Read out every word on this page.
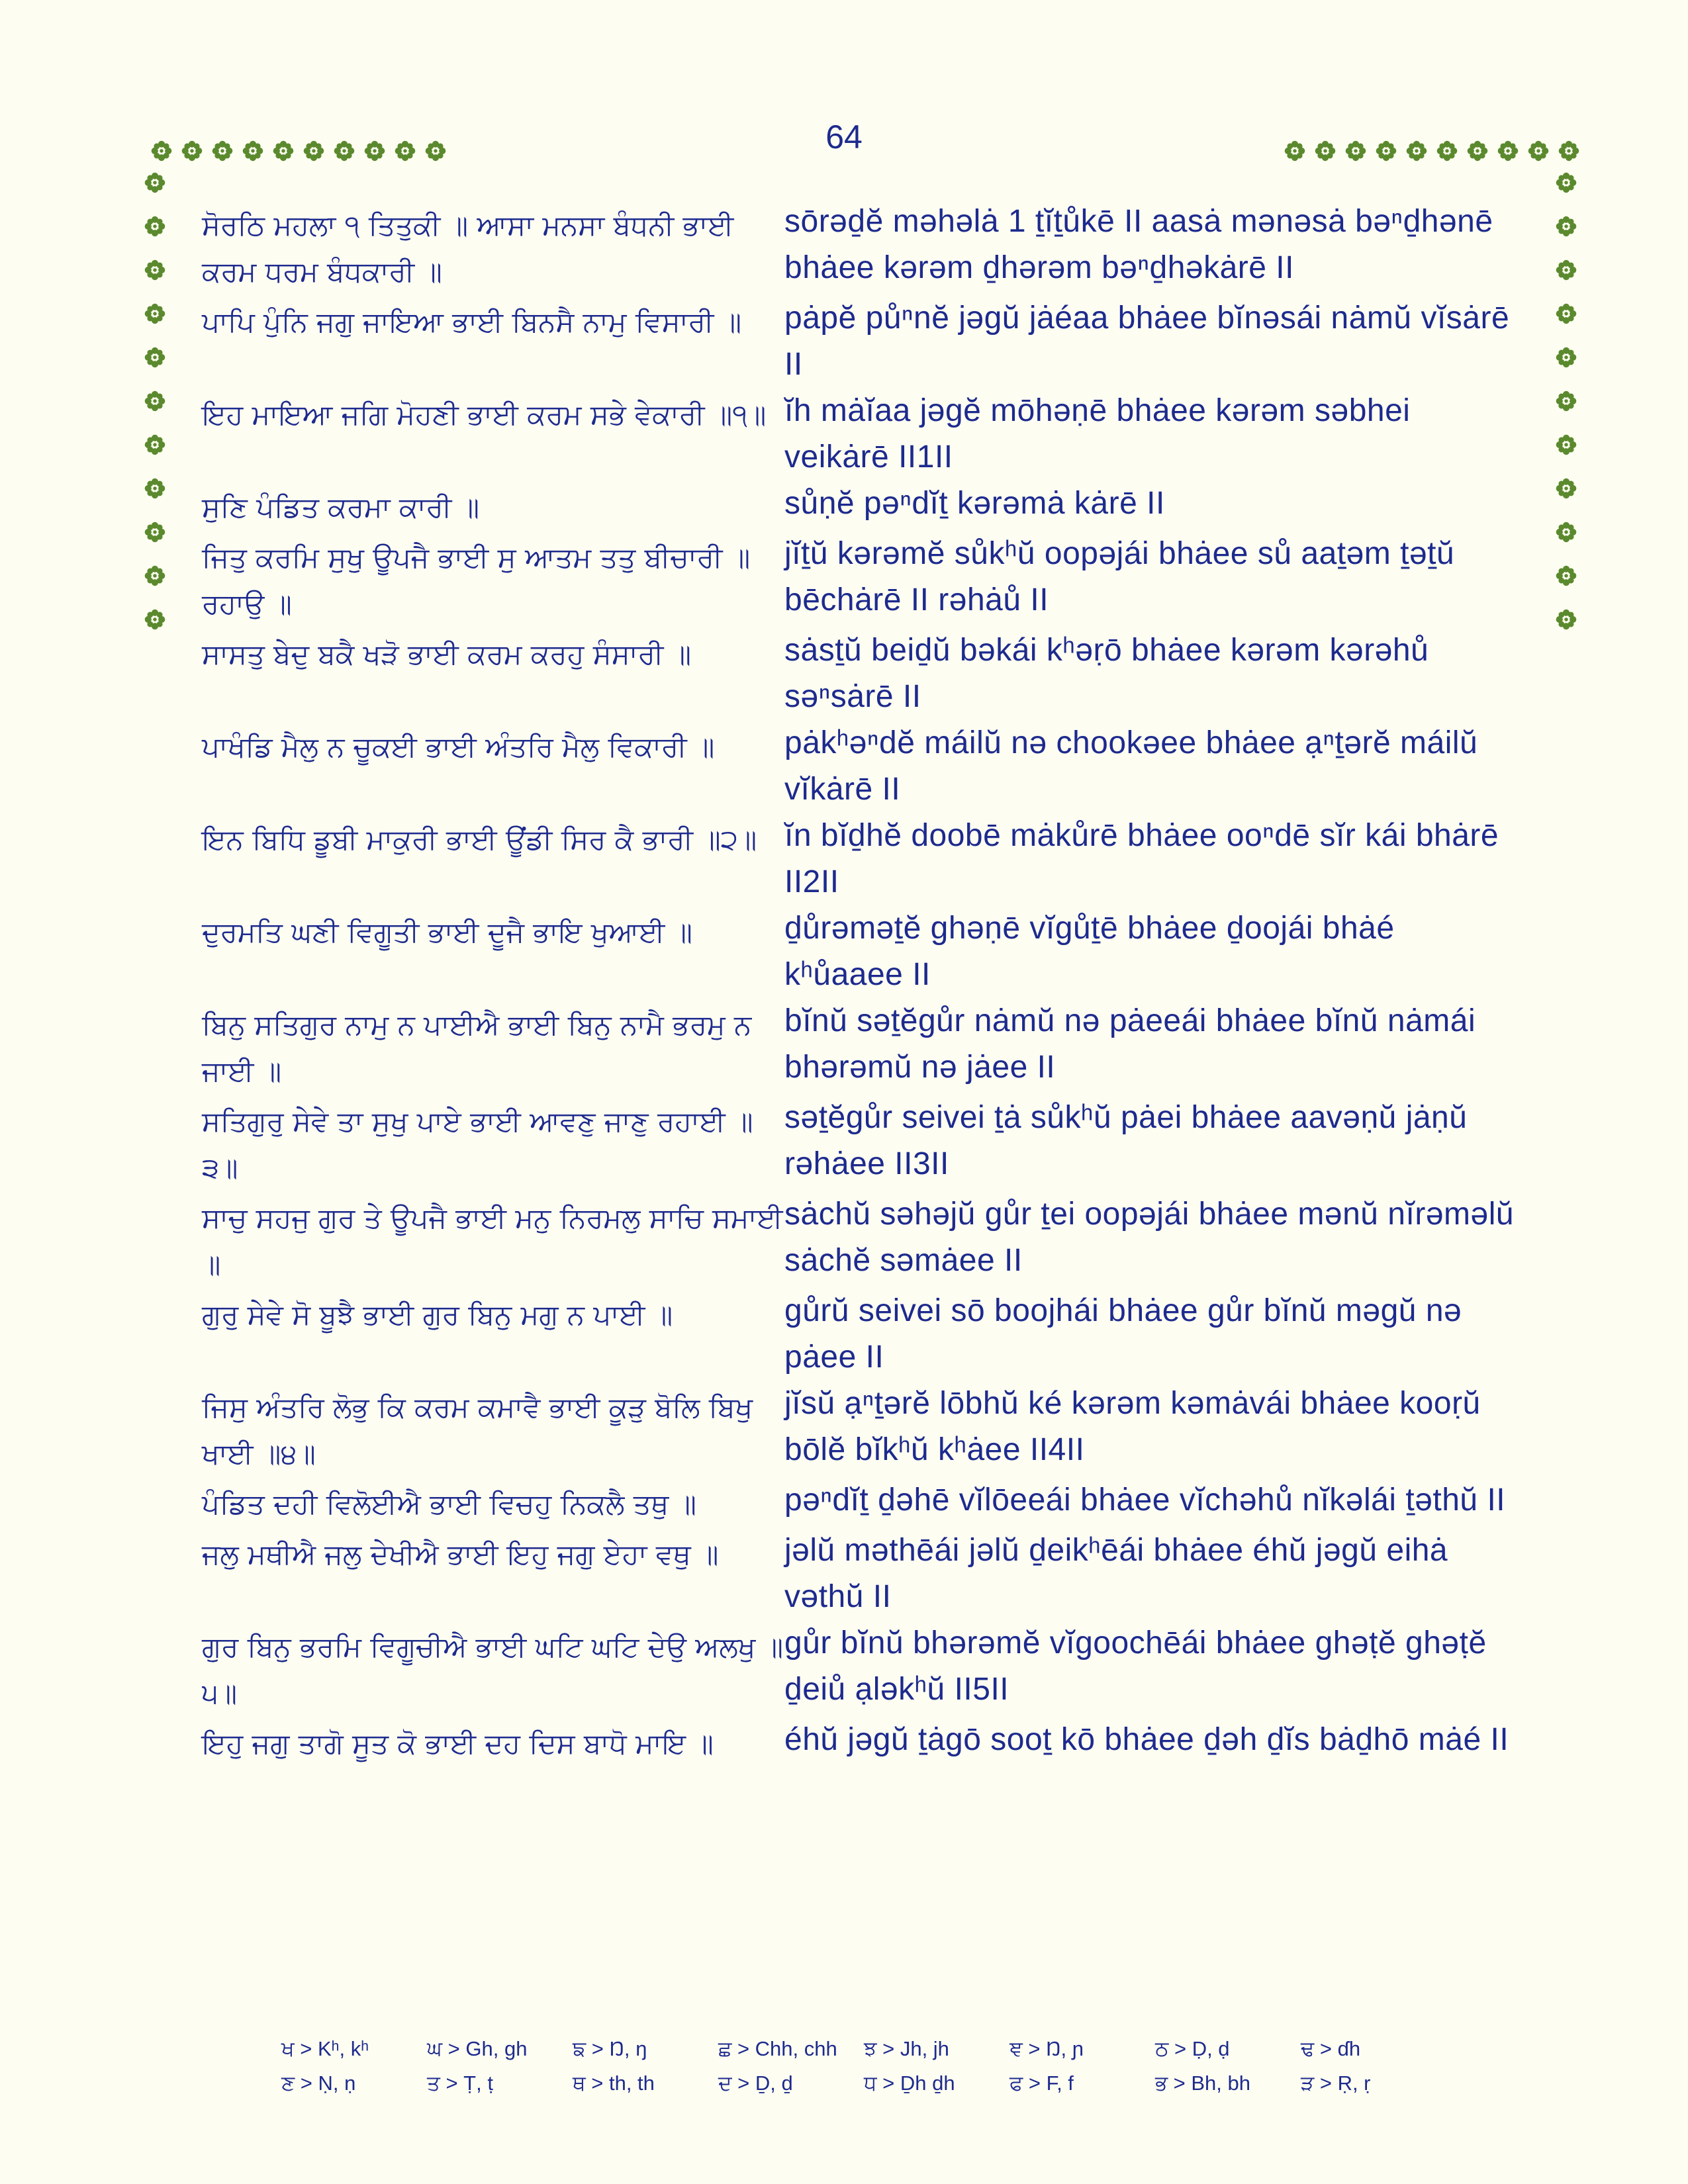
64
ਸੋਰਠਿ ਮਹਲਾ ੧ ਤਿਤੁਕੀ ॥ ਆਸਾ ਮਨਸਾ ਬੰਧਨੀ ਭਾਈ ਕਰਮ ਧਰਮ ਬੰਧਕਾਰੀ ॥
sōrəḏĕ məhəlȧ 1 ṯĭṯůkē II aasȧ mənəsȧ bəⁿḏhənē bhȧee kərəm ḏhərəm bəⁿḏhəkȧrē II
ਪਾਪਿ ਪੁੰਨਿ ਜਗੁ ਜਾਇਆ ਭਾਈ ਬਿਨਸੈ ਨਾਮੁ ਵਿਸਾਰੀ ॥	pȧpĕ půⁿnĕ jəgŭ jȧéaa bhȧee bĭnəsái nȧmŭ vĭsȧrē II
ਇਹ ਮਾਇਆ ਜਗਿ ਮੋਹਣੀ ਭਾਈ ਕਰਮ ਸਭੇ ਵੇਕਾਰੀ ॥੧॥ ĭh mȧĭaa jəgĕ mōhəṇē bhȧee kərəm səbhei veikȧrē II1II
ਸੁਣਿ ਪੰਡਿਤ ਕਰਮਾ ਕਾਰੀ ॥	sůṇĕ pəⁿdĭṯ kərəmȧ kȧrē II
ਜਿਤੁ ਕਰਮਿ ਸੁਖੁ ਊਪਜੈ ਭਾਈ ਸੁ ਆਤਮ ਤਤੁ ਬੀਚਾਰੀ ॥ ਰਹਾਉ ॥
jĭṯŭ kərəmĕ sůkʰŭ oopəjái bhȧee sů aaṯəm ṯəṯŭ bēchȧrē II rəhȧů II
ਸਾਸਤੁ ਬੇਦੁ ਬਕੈ ਖੜੋ ਭਾਈ ਕਰਮ ਕਰਹੁ ਸੰਸਾਰੀ ॥	sȧsṯŭ beiḏŭ bəkái kʰəṛō bhȧee kərəm kərəhů səⁿsȧrē II
ਪਾਖੰਡਿ ਮੈਲੁ ਨ ਚੂਕਈ ਭਾਈ ਅੰਤਰਿ ਮੈਲੁ ਵਿਕਾਰੀ ॥	pȧkʰəⁿdĕ máilŭ nə chookəee bhȧee ạⁿṯərĕ máilŭ vĭkȧrē II
ਇਨ ਬਿਧਿ ਡੂਬੀ ਮਾਕੁਰੀ ਭਾਈ ਊਂਡੀ ਸਿਰ ਕੈ ਭਾਰੀ ॥੨॥ ĭn bĭḏhĕ doobē mȧkůrē bhȧee ooⁿdē sĭr kái bhȧrē II2II
ਦੁਰਮਤਿ ਘਣੀ ਵਿਗੂਤੀ ਭਾਈ ਦੂਜੈ ਭਾਇ ਖੁਆਈ ॥	ḏůrəməṯĕ ghəṇē vĭgůṯē bhȧee ḏoojái bhȧé kʰůaaee II
ਬਿਨੁ ਸਤਿਗੁਰ ਨਾਮੁ ਨ ਪਾਈਐ ਭਾਈ ਬਿਨੁ ਨਾਮੈ ਭਰਮੁ ਨ ਜਾਈ ॥
bĭnŭ səṯĕgůr nȧmŭ nə pȧeeái bhȧee bĭnŭ nȧmái bhərəmŭ nə jȧee II
ਸਤਿਗੁਰੁ ਸੇਵੇ ਤਾ ਸੁਖੁ ਪਾਏ ਭਾਈ ਆਵਣੁ ਜਾਣੁ ਰਹਾਈ ॥੩॥
səṯĕgůr seivei ṯȧ sůkʰŭ pȧei bhȧee aavəṇŭ jȧṇŭ rəhȧee II3II
ਸਾਚੁ ਸਹਜੁ ਗੁਰ ਤੇ ਊਪਜੈ ਭਾਈ ਮਨੁ ਨਿਰਮਲੁ ਸਾਚਿ ਸਮਾਈ ॥
sȧchŭ səhəjŭ gůr ṯei oopəjái bhȧee mənŭ nĭrəməlŭ sȧchĕ səmȧee II
ਗੁਰੁ ਸੇਵੇ ਸੋ ਬੂਝੈ ਭਾਈ ਗੁਰ ਬਿਨੁ ਮਗੁ ਨ ਪਾਈ ॥	gůrŭ seivei sō boojhái bhȧee gůr bĭnŭ məgŭ nə pȧee II
ਜਿਸੁ ਅੰਤਰਿ ਲੋਭੁ ਕਿ ਕਰਮ ਕਮਾਵੈ ਭਾਈ ਕੂੜੁ ਬੋਲਿ ਬਿਖੁ ਖਾਈ ॥੪॥
jĭsŭ ạⁿṯərĕ lōbhŭ ké kərəm kəmȧvái bhȧee kooṛŭ bōlĕ bĭkʰŭ kʰȧee II4II
ਪੰਡਿਤ ਦਹੀ ਵਿਲੋਈਐ ਭਾਈ ਵਿਚਹੁ ਨਿਕਲੈ ਤਥੁ ॥	pəⁿdĭṯ ḏəhē vĭlōeeái bhȧee vĭchəhů nĭkəlái ṯəthŭ II
ਜਲੁ ਮਥੀਐ ਜਲੁ ਦੇਖੀਐ ਭਾਈ ਇਹੁ ਜਗੁ ਏਹਾ ਵਥੁ ॥	jəlŭ məthēái jəlŭ ḏeikʰēái bhȧee éhŭ jəgŭ eihȧ vəthŭ II
ਗੁਰ ਬਿਨੁ ਭਰਮਿ ਵਿਗੂਚੀਐ ਭਾਈ ਘਟਿ ਘਟਿ ਦੇਉ ਅਲਖੁ ॥੫॥
gůr bĭnŭ bhərəmĕ vĭgoochēái bhȧee ghəṭĕ ghəṭĕ ḏeiů ạləkʰŭ II5II
ਇਹੁ ਜਗੁ ਤਾਗੋ ਸੂਤ ਕੋ ਭਾਈ ਦਹ ਦਿਸ ਬਾਧੋ ਮਾਇ ॥	éhŭ jəgŭ ṯȧgō sooṯ kō bhȧee ḏəh ḏĭs bȧḏhō mȧé II
ਖ > Kʰ, kʰ	ਘ > Gh, gh	ਙ > Ŋ, ŋ	ਛ > Chh, chh	ਝ > Jh, jh	ਞ > Ŋ, ɲ	ਠ > Ḍ, ḍ	ਢ > ɗh
ਣ > Ṇ, ṇ	ਤ > Ṭ, ṭ	ਥ > th, th	ਦ > Ḏ, ḏ	ਧ > Ḏh ḏh	ਫ > F, f	ਭ > Bh, bh	ੜ > Ṛ, ṛ
